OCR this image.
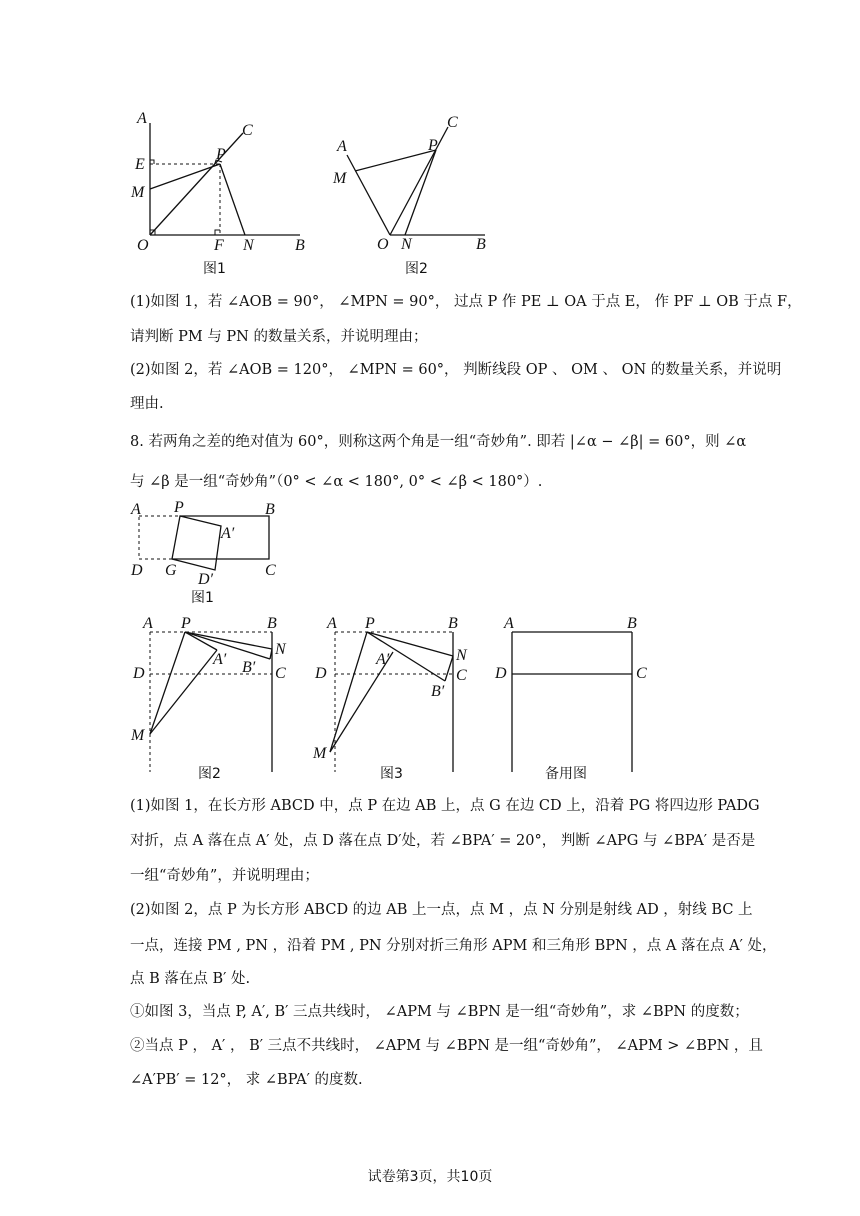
A
C
E
P
M
O	F N	B
图1
A
C
P
M
O N	B
图2
(1)如图 1，若 ∠AOB = 90°， ∠MPN = 90°， 过点 P 作 PE ⊥ OA 于点 E， 作 PF ⊥ OB 于点 F，
请判断 PM 与 PN 的数量关系，并说明理由；
(2)如图 2，若 ∠AOB = 120°， ∠MPN = 60°， 判断线段 OP 、 OM 、 ON 的数量关系，并说明
理由.
8. 若两角之差的绝对值为 60°，则称这两个角是一组“奇妙角”. 即若 |∠α − ∠β| = 60°，则 ∠α
与 ∠β 是一组“奇妙角”（0° < ∠α < 180°, 0° < ∠β < 180°）.
A P	B
A′
D G	C
D′
图1
A P	B
N
A′ B′
D	C
M
图2
A P	B
N
A′
B′
D	C
M
图3
A	B
D	C
备用图
(1)如图 1，在长方形 ABCD 中，点 P 在边 AB 上，点 G 在边 CD 上，沿着 PG 将四边形 PADG
对折，点 A 落在点 A′ 处，点 D 落在点 D′处，若 ∠BPA′ = 20°， 判断 ∠APG 与 ∠BPA′ 是否是
一组“奇妙角”，并说明理由；
(2)如图 2，点 P 为长方形 ABCD 的边 AB 上一点，点 M ，点 N 分别是射线 AD ，射线 BC 上
一点，连接 PM , PN ，沿着 PM , PN 分别对折三角形 APM 和三角形 BPN ，点 A 落在点 A′ 处，
点 B 落在点 B′ 处.
①如图 3，当点 P, A′, B′ 三点共线时， ∠APM 与 ∠BPN 是一组“奇妙角”，求 ∠BPN 的度数；
②当点 P ， A′ ， B′ 三点不共线时， ∠APM 与 ∠BPN 是一组“奇妙角”， ∠APM > ∠BPN ，且
∠A′PB′ = 12°， 求 ∠BPA′ 的度数.
试卷第3页，共10页
